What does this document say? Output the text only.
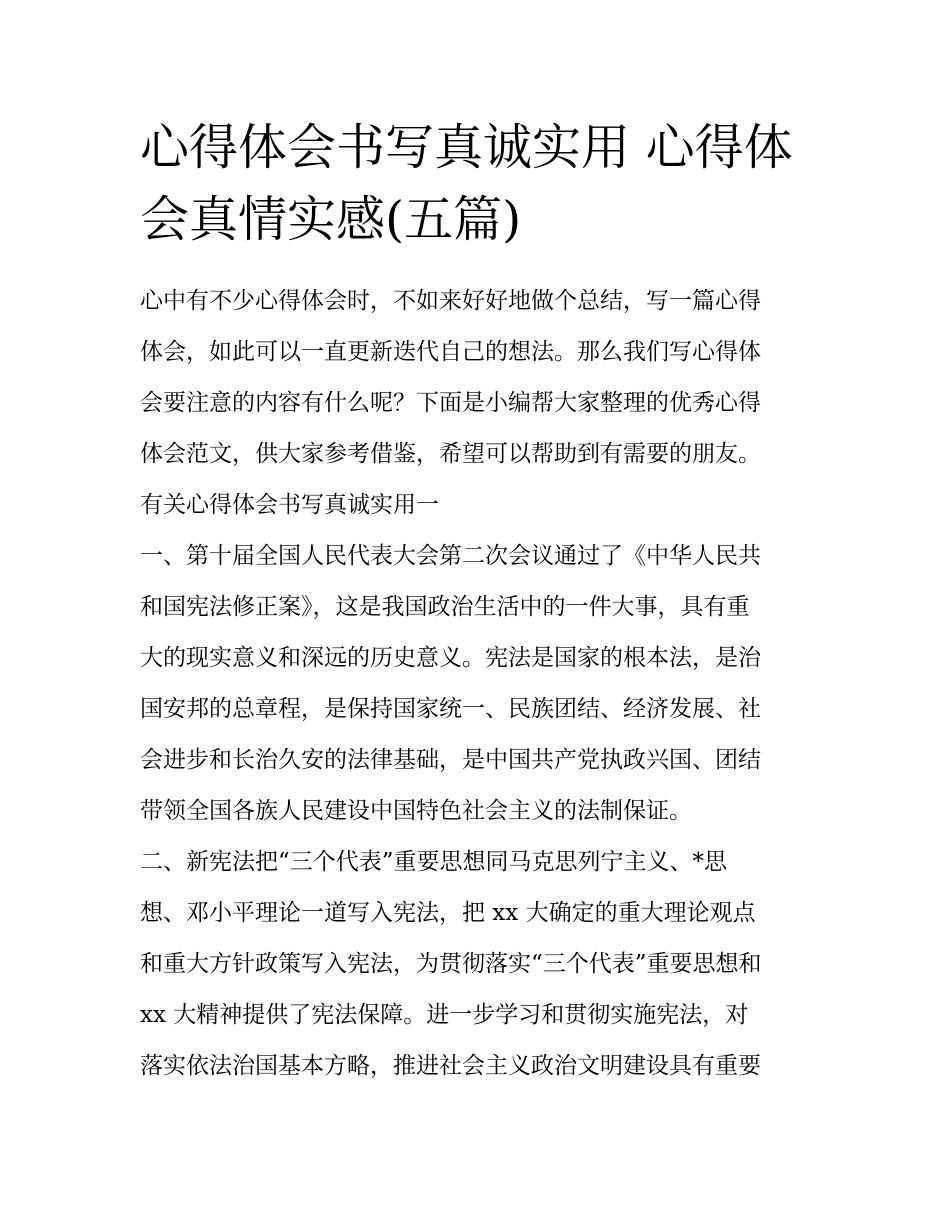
心得体会书写真诚实用 心得体
会真情实感(五篇)
心中有不少心得体会时，不如来好好地做个总结，写一篇心得
体会，如此可以一直更新迭代自己的想法。那么我们写心得体
会要注意的内容有什么呢？下面是小编帮大家整理的优秀心得
体会范文，供大家参考借鉴，希望可以帮助到有需要的朋友。
有关心得体会书写真诚实用一
一、第十届全国人民代表大会第二次会议通过了《中华人民共
和国宪法修正案》，这是我国政治生活中的一件大事，具有重
大的现实意义和深远的历史意义。宪法是国家的根本法，是治
国安邦的总章程，是保持国家统一、民族团结、经济发展、社
会进步和长治久安的法律基础，是中国共产党执政兴国、团结
带领全国各族人民建设中国特色社会主义的法制保证。
二、新宪法把“三个代表”重要思想同马克思列宁主义、*思
想、邓小平理论一道写入宪法，把 xx 大确定的重大理论观点
和重大方针政策写入宪法，为贯彻落实“三个代表”重要思想和
xx 大精神提供了宪法保障。进一步学习和贯彻实施宪法，对
落实依法治国基本方略，推进社会主义政治文明建设具有重要
